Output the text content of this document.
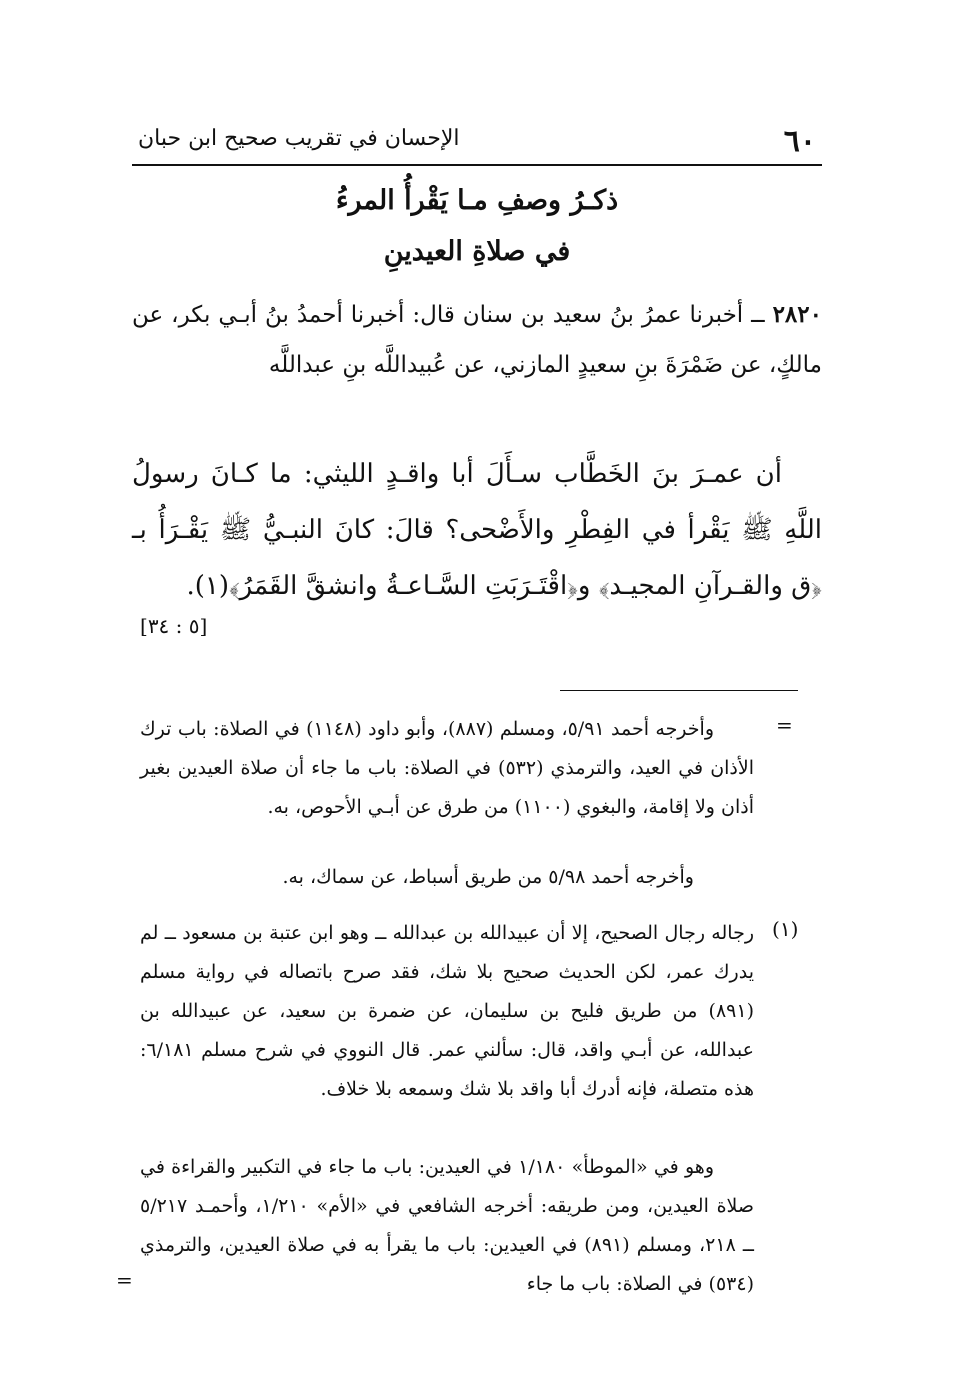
٦٠
الإحسان في تقريب صحيح ابن حبان
ذكـرُ وصفِ مـا يَقْرأُ المرءُ
في صلاةِ العيدينِ

٢٨٢٠ ــ أخبرنا عمرُ بنُ سعيد بن سنان قال: أخبرنا أحمدُ بنُ أبـي بكر، عن مالكٍ، عن ضَمْرَةَ بنِ سعيدٍ المازني، عن عُبيداللَّه بنِ عبداللَّه

أن عمـرَ بنَ الخَطَّاب سـأَلَ أبا واقـدٍ الليثي: ما كـانَ رسولُ اللَّهِ ﷺ يَقْرأ في الفِطْرِ والأَضْحى؟ قالَ: كانَ النبـيُّ ﷺ يَقْـرَأُ بـ ﴿ق والقـرآنِ المجيـد﴾ و﴿اقْتَـرَبَتِ السَّـاعـةُ وانشقَّ القَمَرُ﴾(١).

[٥ : ٣٤]
=

وأخرجه أحمد ٥/٩١، ومسلم (٨٨٧)، وأبو داود (١١٤٨) في الصلاة: باب ترك الأذان في العيد، والترمذي (٥٣٢) في الصلاة: باب ما جاء أن صلاة العيدين بغير أذان ولا إقامة، والبغوي (١١٠٠) من طرق عن أبـي الأحوص، به.

وأخرجه أحمد ٥/٩٨ من طريق أسباط، عن سماك، به.

(١)

رجاله رجال الصحيح، إلا أن عبيدالله بن عبدالله ــ وهو ابن عتبة بن مسعود ــ لم يدرك عمر، لكن الحديث صحيح بلا شك، فقد صرح باتصاله في رواية مسلم (٨٩١) من طريق فليح بن سليمان، عن ضمرة بن سعيد، عن عبيدالله بن عبدالله، عن أبـي واقد، قال: سألني عمر. قال النووي في شرح مسلم ٦/١٨١: هذه متصلة، فإنه أدرك أبا واقد بلا شك وسمعه بلا خلاف.

وهو في «الموطأ» ١/١٨٠ في العيدين: باب ما جاء في التكبير والقراءة في صلاة العيدين، ومن طريقه: أخرجه الشافعي في «الأم» ١/٢١٠، وأحمـد ٥/٢١٧ ــ ٢١٨، ومسلم (٨٩١) في العيدين: باب ما يقرأ به في صلاة العيدين، والترمذي (٥٣٤) في الصلاة: باب ما جاء

=
